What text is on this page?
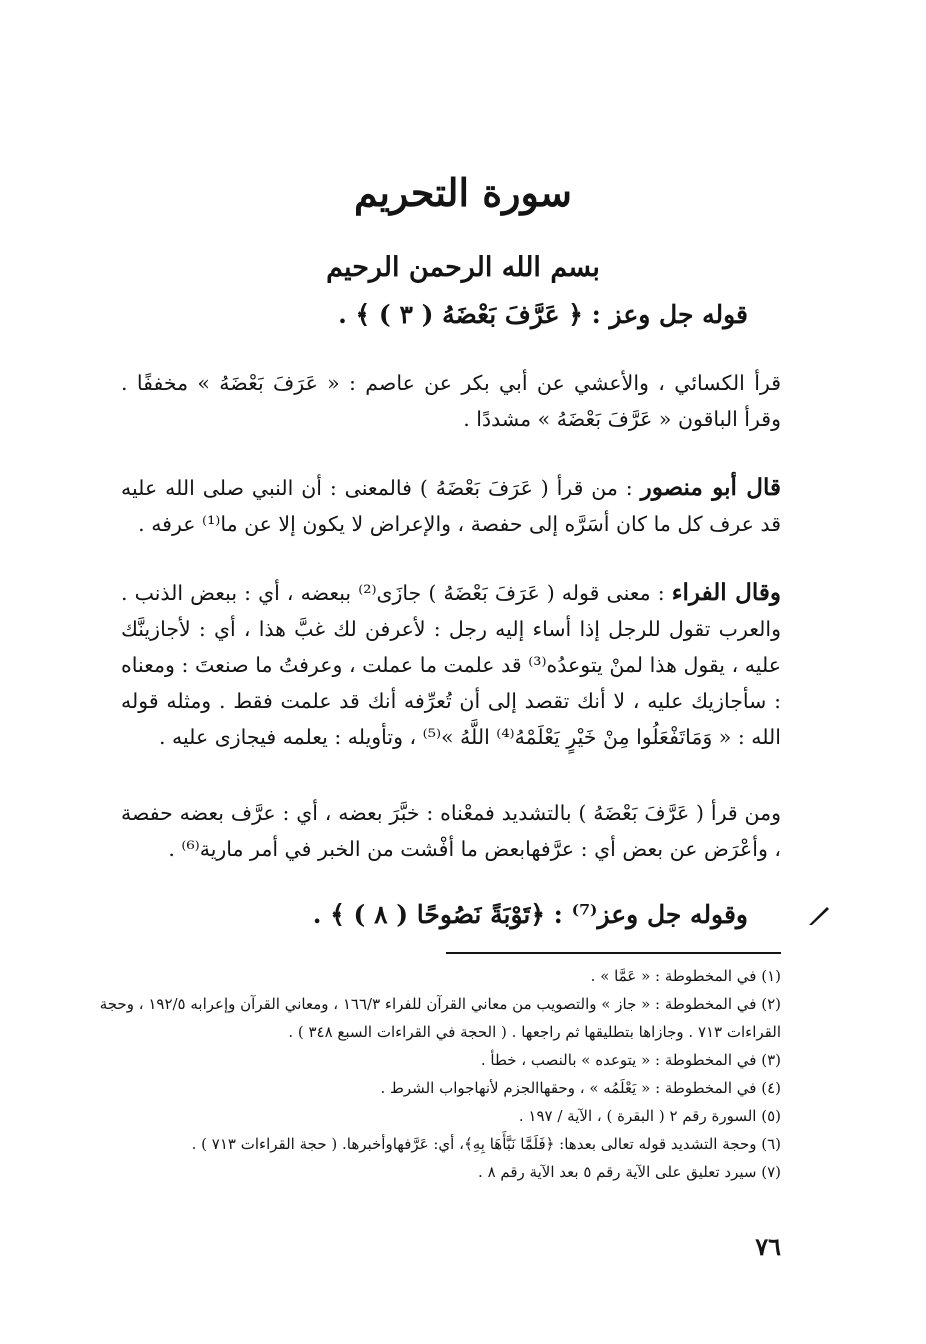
سورة التحريم
بسم الله الرحمن الرحيم

قوله جل وعز : ﴿ عَرَّفَ بَعْضَهُ ( ٣ ) ﴾ .

قرأ الكسائي ، والأعشي عن أبي بكر عن عاصم : « عَرَفَ بَعْضَهُ » مخففًا . وقرأ الباقون « عَرَّفَ بَعْضَهُ » مشددًا .

قال أبو منصور : من قرأ ( عَرَفَ بَعْضَهُ ) فالمعنى : أن النبي صلى الله عليه قد عرف كل ما كان أسَرَّه إلى حفصة ، والإعراض لا يكون إلا عن ما⁽¹⁾ عرفه .

وقال الفراء : معنى قوله ( عَرَفَ بَعْضَهُ ) جازَى⁽²⁾ ببعضه ، أي : ببعض الذنب . والعرب تقول للرجل إذا أساء إليه رجل : لأعرفن لك غبَّ هذا ، أي : لأجازينَّك عليه ، يقول هذا لمنْ يتوعدُه⁽³⁾ قد علمت ما عملت ، وعرفتُ ما صنعتَ : ومعناه : سأجازيك عليه ، لا أنك تقصد إلى أن تُعرِّفه أنك قد علمت فقط . ومثله قوله الله : « وَمَاتَفْعَلُوا مِنْ خَيْرٍ يَعْلَمْهُ⁽⁴⁾ اللَّهُ »⁽⁵⁾ ، وتأويله : يعلمه فيجازى عليه .

ومن قرأ ( عَرَّفَ بَعْضَهُ ) بالتشديد فمعْناه : خبَّرَ بعضه ، أي : عرَّف بعضه حفصة ، وأعْرَض عن بعض أي : عرَّفهابعض ما أفْشت من الخبر في أمر مارية⁽⁶⁾ .

وقوله جل وعز⁽⁷⁾ : ﴿تَوْبَةً نَصُوحًا ( ٨ ) ﴾ .

(١) في المخطوطة : « عَمَّا » .
(٢) في المخطوطة : « جاز » والتصويب من معاني القرآن للفراء ١٦٦/٣ ، ومعاني القرآن وإعرابه ١٩٢/٥ ، وحجة القراءات ٧١٣ . وجازاها بتطليقها ثم راجعها . ( الحجة في القراءات السبع ٣٤٨ ) .
(٣) في المخطوطة : « يتوعده » بالنصب ، خطأ .
(٤) في المخطوطة : « يَعْلَمُه » ، وحقهاالجزم لأنهاجواب الشرط .
(٥) السورة رقم ٢ ( البقرة ) ، الآية / ١٩٧ .
(٦) وحجة التشديد قوله تعالى بعدها: ﴿فَلَمَّا نَبَّأَهَا بِهِ﴾، أي: عَرَّفهاوأخبرها. ( حجة القراءات ٧١٣ ) .
(٧) سيرد تعليق على الآية رقم ٥ بعد الآية رقم ٨ .

٧٦
